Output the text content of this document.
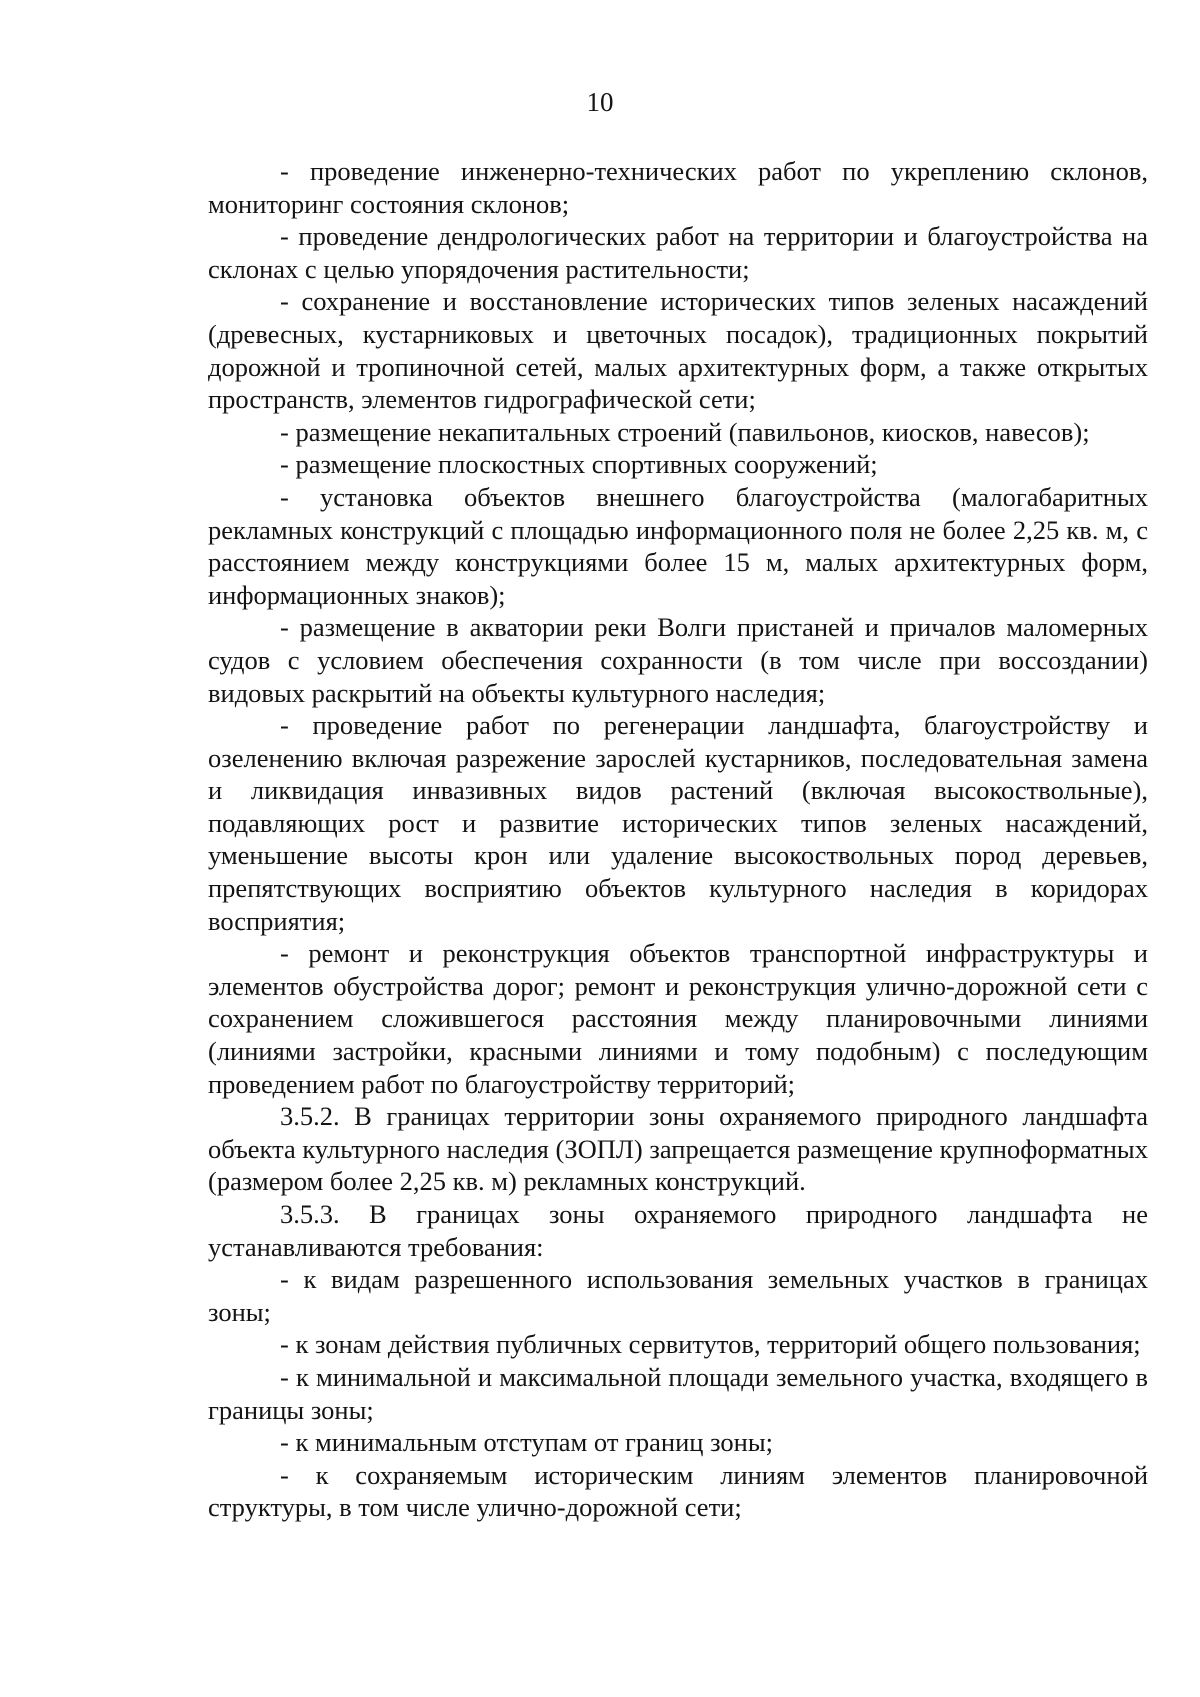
10

- проведение инженерно-технических работ по укреплению склонов, мониторинг состояния склонов;

- проведение дендрологических работ на территории и благоустройства на склонах с целью упорядочения растительности;

- сохранение и восстановление исторических типов зеленых насаждений (древесных, кустарниковых и цветочных посадок), традиционных покрытий дорожной и тропиночной сетей, малых архитектурных форм, а также открытых пространств, элементов гидрографической сети;

- размещение некапитальных строений (павильонов, киосков, навесов);

- размещение плоскостных спортивных сооружений;

- установка объектов внешнего благоустройства (малогабаритных рекламных конструкций с площадью информационного поля не более 2,25 кв. м, с расстоянием между конструкциями более 15 м, малых архитектурных форм, информационных знаков);

- размещение в акватории реки Волги пристаней и причалов маломерных судов с условием обеспечения сохранности (в том числе при воссоздании) видовых раскрытий на объекты культурного наследия;

- проведение работ по регенерации ландшафта, благоустройству и озеленению включая разрежение зарослей кустарников, последовательная замена и ликвидация инвазивных видов растений (включая высокоствольные), подавляющих рост и развитие исторических типов зеленых насаждений, уменьшение высоты крон или удаление высокоствольных пород деревьев, препятствующих восприятию объектов культурного наследия в коридорах восприятия;

- ремонт и реконструкция объектов транспортной инфраструктуры и элементов обустройства дорог; ремонт и реконструкция улично-дорожной сети с сохранением сложившегося расстояния между планировочными линиями (линиями застройки, красными линиями и тому подобным) с последующим проведением работ по благоустройству территорий;

3.5.2. В границах территории зоны охраняемого природного ландшафта объекта культурного наследия (ЗОПЛ) запрещается размещение крупноформатных (размером более 2,25 кв. м) рекламных конструкций.

3.5.3. В границах зоны охраняемого природного ландшафта не устанавливаются требования:

- к видам разрешенного использования земельных участков в границах зоны;

- к зонам действия публичных сервитутов, территорий общего пользования;

- к минимальной и максимальной площади земельного участка, входящего в границы зоны;

- к минимальным отступам от границ зоны;

- к сохраняемым историческим линиям элементов планировочной структуры, в том числе улично-дорожной сети;
